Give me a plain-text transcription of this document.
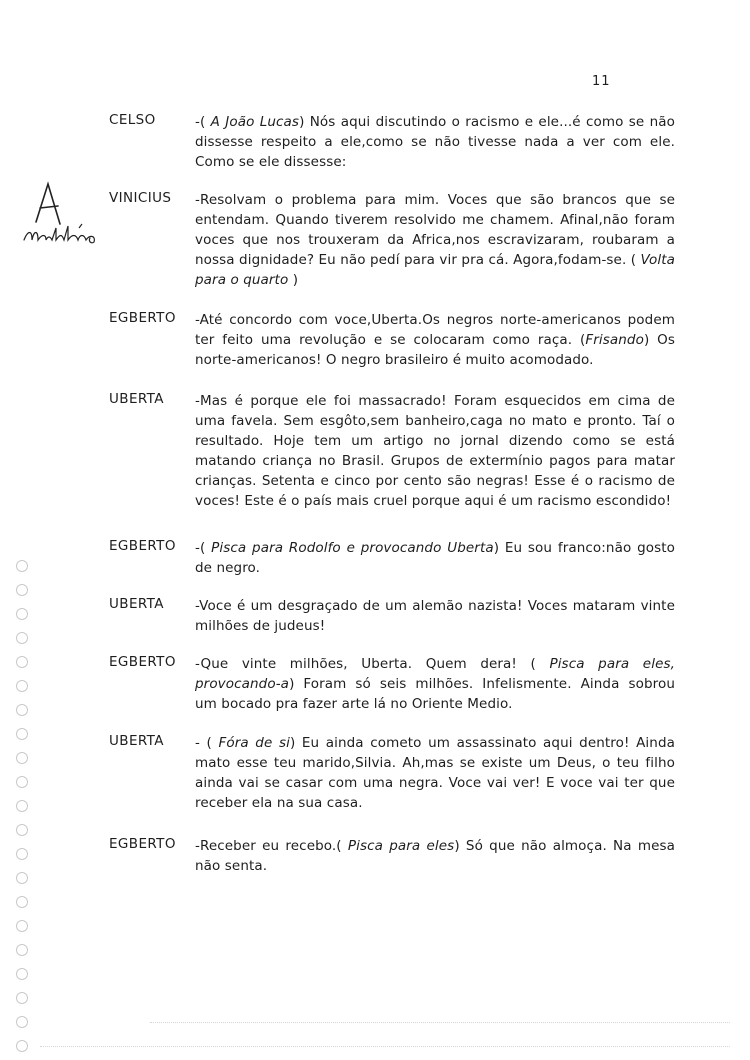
11
CELSO	-( A João Lucas) Nós aqui discutindo o racismo e ele...é como se não
dissesse respeito a ele,como se não tivesse nada a ver com ele.
Como se ele dissesse:
VINICIUS -Resolvam o problema para mim. Voces que são brancos que se
entendam. Quando tiverem resolvido me chamem. Afinal,não foram
voces que nos trouxeram da Africa,nos escravizaram, roubaram a
nossa dignidade? Eu não pedí para vir pra cá. Agora,fodam-se. ( Volta
para o quarto )
EGBERTO -Até concordo com voce,Uberta.Os negros norte-americanos podem
ter feito uma revolução e se colocaram como raça. (Frisando) Os
norte-americanos! O negro brasileiro é muito acomodado.
UBERTA -Mas é porque ele foi massacrado! Foram esquecidos em cima de
uma favela. Sem esgôto,sem banheiro,caga no mato e pronto. Taí o
resultado. Hoje tem um artigo no jornal dizendo como se está
matando criança no Brasil. Grupos de extermínio pagos para matar
crianças. Setenta e cinco por cento são negras! Esse é o racismo de
voces! Este é o país mais cruel porque aqui é um racismo escondido!
EGBERTO -( Pisca para Rodolfo e provocando Uberta) Eu sou franco:não gosto
de negro.
UBERTA -Voce é um desgraçado de um alemão nazista! Voces mataram vinte
milhões de judeus!
EGBERTO -Que vinte milhões, Uberta. Quem dera! ( Pisca para eles,
provocando-a) Foram só seis milhões. Infelismente. Ainda sobrou
um bocado pra fazer arte lá no Oriente Medio.
UBERTA - ( Fóra de si) Eu ainda cometo um assassinato aqui dentro! Ainda
mato esse teu marido,Silvia. Ah,mas se existe um Deus, o teu filho
ainda vai se casar com uma negra. Voce vai ver! E voce vai ter que
receber ela na sua casa.
EGBERTO -Receber eu recebo.( Pisca para eles) Só que não almoça. Na mesa
não senta.
